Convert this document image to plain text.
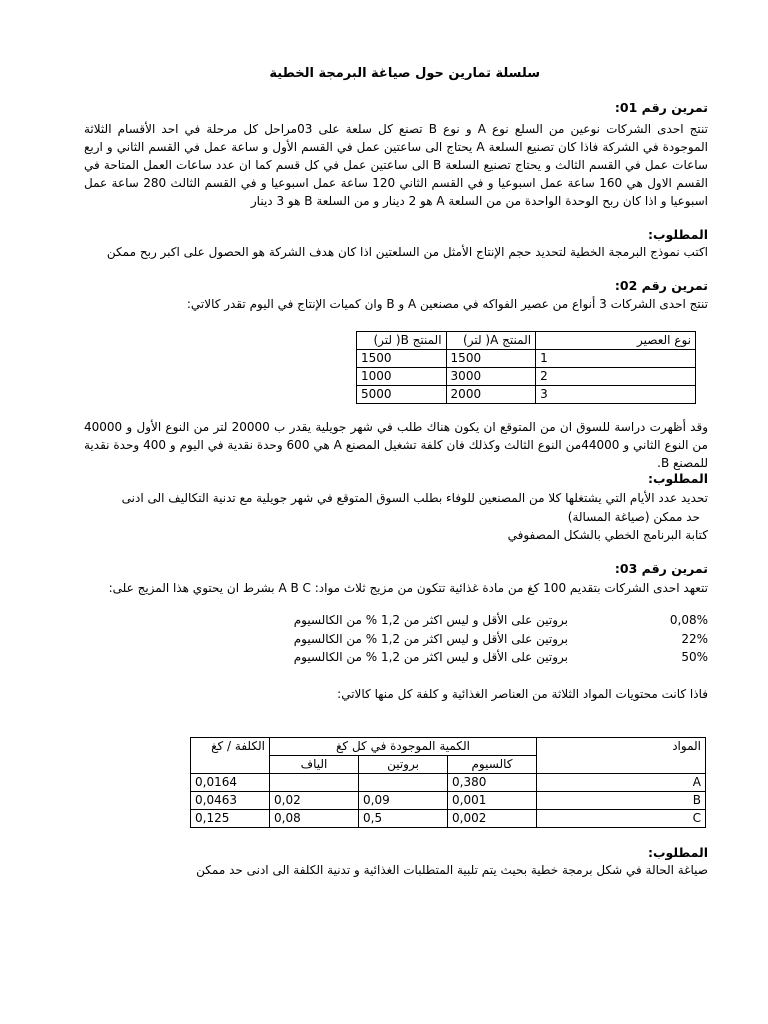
سلسلة تمارين حول صياغة البرمجة الخطية
تمرين رقم 01:
تنتج احدى الشركات نوعين من السلع نوع A و نوع B تصنع كل سلعة على 03مراحل كل مرحلة في احد الأقسام الثلاثة الموجودة في الشركة فاذا كان تصنيع السلعة A يحتاج الى ساعتين عمل في القسم الأول و ساعة عمل في القسم الثاني و اربع ساعات عمل في القسم الثالث و يحتاج تصنيع السلعة B الى ساعتين عمل في كل قسم كما ان عدد ساعات العمل المتاحة في القسم الاول هي 160 ساعة عمل اسبوعيا و في القسم الثاني 120 ساعة عمل اسبوعيا و في القسم الثالث 280 ساعة عمل اسبوعيا و اذا كان ربح الوحدة الواحدة من من السلعة A هو 2 دينار و من السلعة B هو 3 دينار
المطلوب:
اكتب نموذج البرمجة الخطية لتحديد حجم الإنتاج الأمثل من السلعتين اذا كان هدف الشركة هو الحصول على اكبر ربح ممكن
تمرين رقم 02:
تنتج احدى الشركات 3 أنواع من عصير الفواكه في مصنعين A و B وان كميات الإنتاج في اليوم تقدر كالاتي:
نوع العصير	المنتج A( لتر)	المنتج B( لتر)
1	1500	1500
2	3000	1000
3	2000	5000
وقد أظهرت دراسة للسوق ان من المتوقع ان يكون هناك طلب في شهر جويلية يقدر ب 20000 لتر من النوع الأول و 40000 من النوع الثاني و 44000من النوع الثالث وكذلك فان كلفة تشغيل المصنع A هي 600 وحدة نقدية في اليوم و 400 وحدة نقدية للمصنع B.
المطلوب:
تحديد عدد الأيام التي يشتغلها كلا من المصنعين للوفاء بطلب السوق المتوقع في شهر جويلية مع تدنية التكاليف الى ادنى
حد ممكن (صياغة المسالة)
كتابة البرنامج الخطي بالشكل المصفوفي
تمرين رقم 03:
تتعهد احدى الشركات بتقديم 100 كغ من مادة غذائية تتكون من مزيج ثلاث مواد: A B C بشرط ان يحتوي هذا المزيج على:
0,08%
بروتين على الأقل و ليس اكثر من 1,2 % من الكالسيوم
22%
بروتين على الأقل و ليس اكثر من 1,2 % من الكالسيوم
50%
بروتين على الأقل و ليس اكثر من 1,2 % من الكالسيوم
فاذا كانت محتويات المواد الثلاثة من العناصر الغذائية و كلفة كل منها كالاتي:
المواد	الكمية الموجودة في كل كغ			الكلفة / كغ
	كالسيوم	بروتين	الياف	
A	0,380			0,0164
B	0,001	0,09	0,02	0,0463
C	0,002	0,5	0,08	0,125
المطلوب:
صياغة الحالة في شكل برمجة خطية بحيث يتم تلبية المتطلبات الغذائية و تدنية الكلفة الى ادنى حد ممكن
